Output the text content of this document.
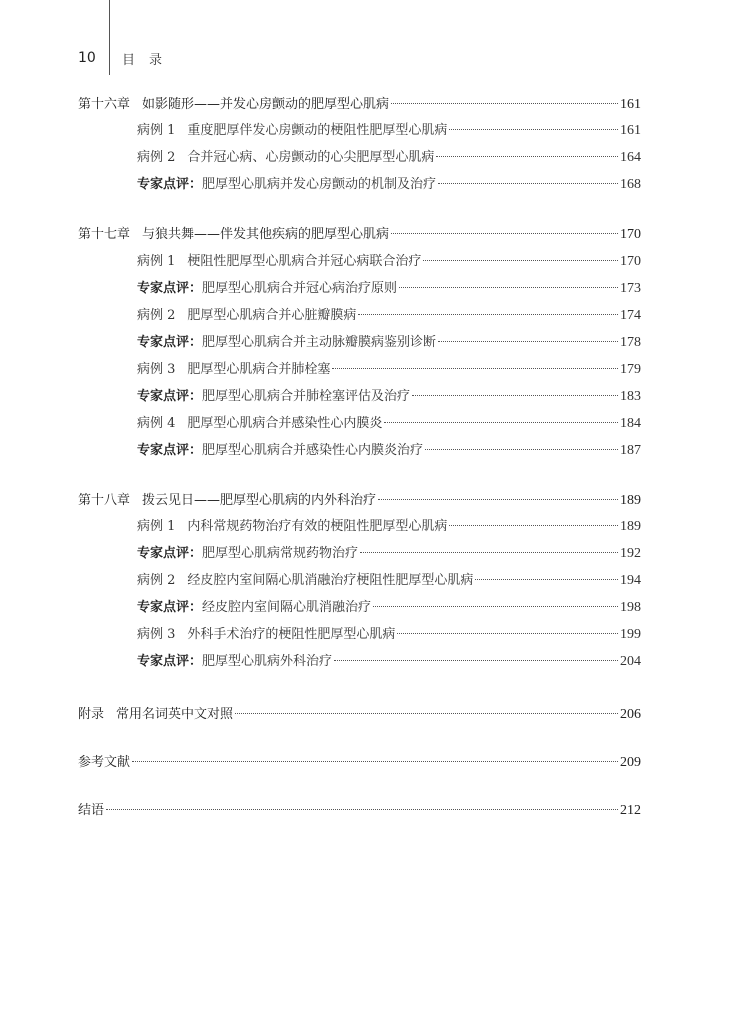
10 目录
第十六章 如影随形——并发心房颤动的肥厚型心肌病	161
病例 1 重度肥厚伴发心房颤动的梗阻性肥厚型心肌病	161
病例 2 合并冠心病、心房颤动的心尖肥厚型心肌病	164
专家点评： 肥厚型心肌病并发心房颤动的机制及治疗	168
第十七章 与狼共舞——伴发其他疾病的肥厚型心肌病	170
病例 1 梗阻性肥厚型心肌病合并冠心病联合治疗	170
专家点评： 肥厚型心肌病合并冠心病治疗原则	173
病例 2 肥厚型心肌病合并心脏瓣膜病	174
专家点评： 肥厚型心肌病合并主动脉瓣膜病鉴别诊断	178
病例 3 肥厚型心肌病合并肺栓塞	179
专家点评： 肥厚型心肌病合并肺栓塞评估及治疗	183
病例 4 肥厚型心肌病合并感染性心内膜炎	184
专家点评： 肥厚型心肌病合并感染性心内膜炎治疗	187
第十八章 拨云见日——肥厚型心肌病的内外科治疗	189
病例 1 内科常规药物治疗有效的梗阻性肥厚型心肌病	189
专家点评： 肥厚型心肌病常规药物治疗	192
病例 2 经皮腔内室间隔心肌消融治疗梗阻性肥厚型心肌病	194
专家点评： 经皮腔内室间隔心肌消融治疗	198
病例 3 外科手术治疗的梗阻性肥厚型心肌病	199
专家点评： 肥厚型心肌病外科治疗	204
附录 常用名词英中文对照	206
参考文献	209
结语	212
